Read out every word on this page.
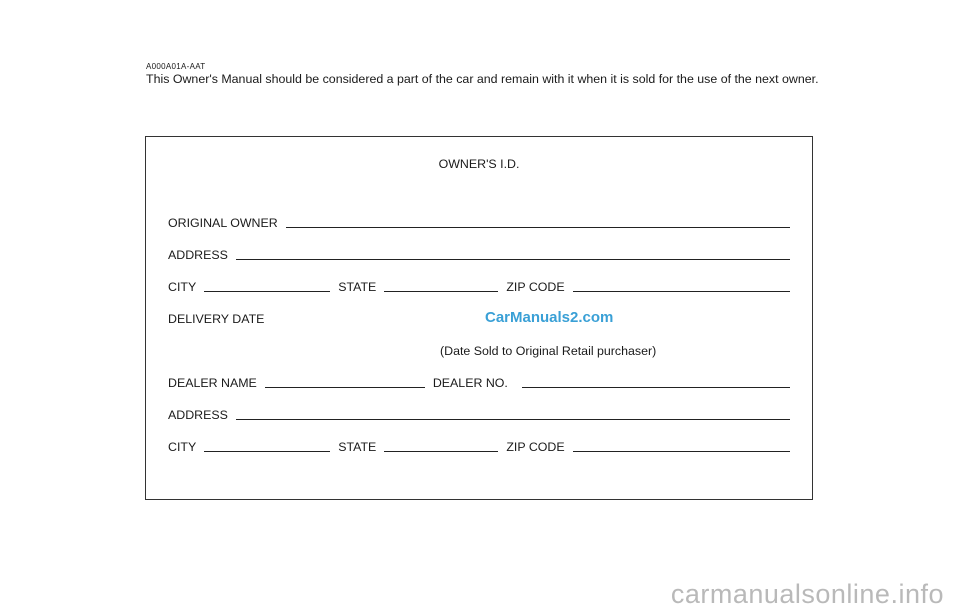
A000A01A-AAT
This Owner's Manual should be considered a part of the car and remain with it when it is sold for the use of the next owner.
OWNER'S I.D.
ORIGINAL OWNER
ADDRESS
CITY	STATE	ZIP CODE
DELIVERY DATE	CarManuals2.com
(Date Sold to Original Retail purchaser)
DEALER NAME	DEALER NO.
ADDRESS
CITY	STATE	ZIP CODE
carmanualsonline.info
